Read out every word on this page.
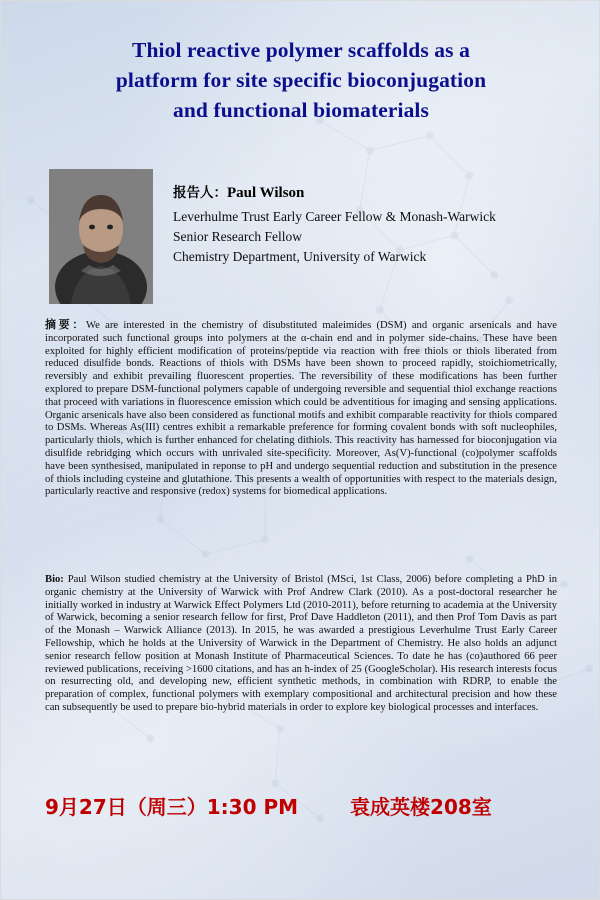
Thiol reactive polymer scaffolds as a
platform for site specific bioconjugation
and functional biomaterials
报告人：Paul Wilson
Leverhulme Trust Early Career Fellow & Monash-Warwick
Senior Research Fellow
Chemistry Department, University of Warwick
摘要：We are interested in the chemistry of disubstituted maleimides (DSM) and organic arsenicals and have incorporated such functional groups into polymers at the α-chain end and in polymer side-chains. These have been exploited for highly efficient modification of proteins/peptide via reaction with free thiols or thiols liberated from reduced disulfide bonds. Reactions of thiols with DSMs have been shown to proceed rapidly, stoichiometrically, reversibly and exhibit prevailing fluorescent properties. The reversibility of these modifications has been further explored to prepare DSM-functional polymers capable of undergoing reversible and sequential thiol exchange reactions that proceed with variations in fluorescence emission which could be adventitious for imaging and sensing applications. Organic arsenicals have also been considered as functional motifs and exhibit comparable reactivity for thiols compared to DSMs. Whereas As(III) centres exhibit a remarkable preference for forming covalent bonds with soft nucleophiles, particularly thiols, which is further enhanced for chelating dithiols. This reactivity has harnessed for bioconjugation via disulfide rebridging which occurs with unrivaled site-specificity. Moreover, As(V)-functional (co)polymer scaffolds have been synthesised, manipulated in reponse to pH and undergo sequential reduction and substitution in the presence of thiols including cysteine and glutathione. This presents a wealth of opportunities with respect to the materials design, particularly reactive and responsive (redox) systems for biomedical applications.
Bio: Paul Wilson studied chemistry at the University of Bristol (MSci, 1st Class, 2006) before completing a PhD in organic chemistry at the University of Warwick with Prof Andrew Clark (2010). As a post-doctoral researcher he initially worked in industry at Warwick Effect Polymers Ltd (2010-2011), before returning to academia at the University of Warwick, becoming a senior research fellow for first, Prof Dave Haddleton (2011), and then Prof Tom Davis as part of the Monash – Warwick Alliance (2013). In 2015, he was awarded a prestigious Leverhulme Trust Early Career Fellowship, which he holds at the University of Warwick in the Department of Chemistry. He also holds an adjunct senior research fellow position at Monash Institute of Pharmaceutical Sciences. To date he has (co)authored 66 peer reviewed publications, receiving >1600 citations, and has an h-index of 25 (GoogleScholar). His research interests focus on resurrecting old, and developing new, efficient synthetic methods, in combination with RDRP, to enable the preparation of complex, functional polymers with exemplary compositional and architectural precision and how these can subsequently be used to prepare bio-hybrid materials in order to explore key biological processes and interfaces.
9月27日（周三）1:30 PM	袁成英楼208室
